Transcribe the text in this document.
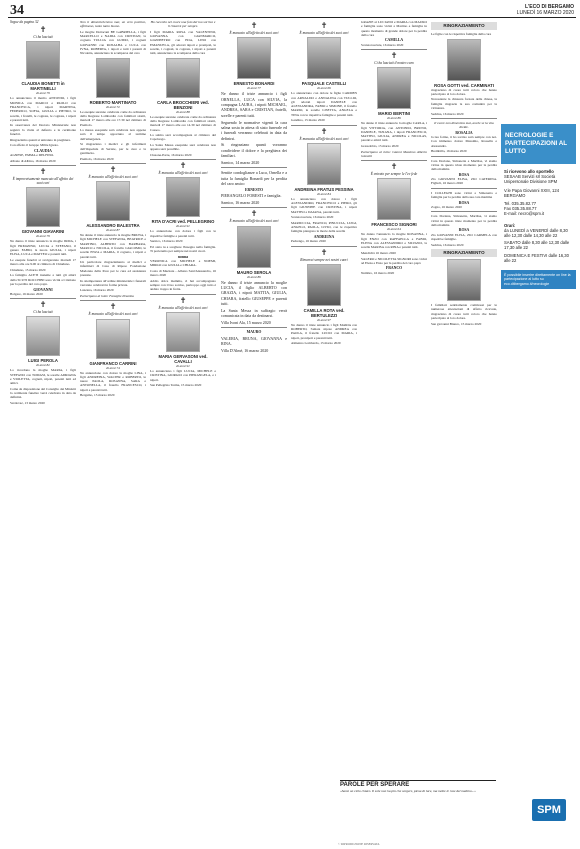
34	L'ECO DI BERGAMO
LUNEDÌ 16 MARZO 2020
Segue da pagina 32
✝
Ci ha lasciati
CLAUDIA BONETTI in MARTINELLI
di anni 79

Lo annunciano il marito ANTONIO, i figli MONICA con MARCO e PAOLO con FRANCESCA, i nipoti MARTINA, FEDERICO, SOFIA, GIULIA e PIETRO, la sorella, i fratelli, le cognate, le cognate, i nipoti e parenti tutti.

In osservanza del Decreto Ministeriale non seguirà la visita al defunto e le cerimonie funebri.

Ringraziamo quanti si uniranno in preghiera.

Con affetto il Gruppo Milite Ignoto.

CLAUDIA

AGNESE, EMMA e DELFINO.

Albano di Albino, 16 marzo 2020

✝
È improvvisamente mancato all'affetto dei suoi cari
GIOVANNI GIAVARINI
di anni 79

Ne danno il triste annuncio la moglie IRMA, i figli ERMANNO, LUCIA e STEFANO, il genero FABIO, la nuora GIULIA, i nipoti ELISA, LUCA e MATTEO e parenti tutti.

Le esequie funebri si svolgeranno martedì 17 marzo alle ore 9.00 al cimitero di Chiuduno.

Chiuduno, 15 marzo 2020

La famiglia ACETI insieme a tutti gli amici della SCUTI ROCCHINI sono vicini a Cristiano per la perdita del caro papà.

GIOVANNI

Bolgare, 16 marzo 2020

✝
Ci ha lasciati
LUIGI PEROLA
di anni 82

Lo ricordano la moglie MARIA, i figli STEFANO con TOMASI, le sorelle ADRIANA e VIOLETTA, cognati, nipoti, parenti tutti ed amici.

Come da disposizione del Consiglio dei Ministri la cerimonia funebre verrà celebrata in data da definirsi.

Verdovaz, 13 marzo 2020

Non ti dimenticheremo mai, un vero positivo, affettuoso, tanto tanto buono.

Le moglie Dottacani BE GABRIELLA, i figli MARCELLO e NADIA con CRISTIAN, la cognata TULLIA con GUIDO, i cognati GIOVANNI con ROSALBA e LUCA con IVNA, ROBERTA, i nipoti e tutti i parenti di Nicoletta, annunciano la scomparsa del caro

ROBERTO MARTINATO
di anni 72

Le esequie saranno celebrate come da ordinanza della Regione Lombardia con familiari stretti, martedì 17 marzo alle ore 17.30 nel cimitero di Premolo.

La messa esequiale sarà celebrata non appena sarà il tempo opportuno al termine dell'emergenza.

Si ringraziano i medici e gli infermieri dell'Ospedale di Seriate, per le cure e la gentilezza.

Premolo, 16 marzo 2020

✝
È mancato all'affetto dei suoi cari
ALESSANDRO BALESTRA
di anni 87

Ne danno il triste annuncio la moglie BRUNA, i figli MICHELE con STEFANIA, BEATRICE e MARTINO, ALBERTO con BARBARA, MARCO e NICOLA, il fratello GIACOMO, le sorelle ENZA e MARIA, il cognato, i nipoti e parenti tutti.

Un particolare ringraziamento ai medici e infermieri di Casa di Riposo Fondazione Madonna della Pace per le cure ed assistenza prestate.

In ottemperanza all'ordine ministeriale i funerali verranno celebrati in forma privata.

Luzzana, 16 marzo 2020

Partecipano al lutto: Famiglie Pezzotta

✝
È mancato all'affetto dei suoi cari
GIANFRANCO CARRINI
di anni 74

Ne annunciano con dolore la moglie LINA, i figli ANDREINA, WALTER e ROBERTO, le nuore PAOLA, ROSANNA, SARA e ANTONELLA, il fratello FRANCESCO, i nipoti e parenti tutti.

Bergamo, 15 marzo 2020

Ho raccolto nel cuore una foto del tuo sorriso e lì rimarrà per sempre.

I figli MARIA ROSA con VALENTINO, GIOVANNA con GIANMARCO, GIANPIETRO con EDA, LINO con EMANUELA, gli adorati nipoti e pronipoti, le sorelle, i cognati, la cognata, i nipoti e parenti tutti, annunciano la scomparsa della cara

CARLA BROCCHIERI ved. BENZONI
di anni 88

Le esequie saranno celebrate come da ordinanza della Regione Lombardia con familiari stretti, martedì 17 marzo alle ore 14.30 nel cimitero di Casseo.

La salma sarà accompagnata al cimitero del Capoluogo.

La Santa Messa esequiale sarà celebrata non appena sarà possibile.

Clusone-Parre, 16 marzo 2020

✝
È mancata all'affetto dei suoi cari
RITA D'ACRI ved. PELLEGRINO
di anni 91

Lo annunciano con dolore i figli con le rispettive famiglie e parenti tutti.

Sarnico, 16 marzo 2020

Eri stata tu a scegliere l'insegna nella famiglia. Ti porteremo per sempre nei nostri cuori.

nonna

VERONICA con MICHELE e NOEMI, MIRKO con GIULIA e CHIARA.

Costa di Mezzate - Albano Sant'Alessandro, 16 marzo 2020

Addio dolce mamma, ci hai accompagnato sempre con il tuo sorriso, purtroppo oggi tutto è andato troppo in fretta.

✝
È mancata all'affetto dei suoi cari
MARIA GERVASONI ved. CAVALLI
di anni 91

Lo annunciano i figli LUCIA, MICHELE e CRISTINA, GIORGIO con PIERANGELA, e i nipoti.

San Pellegrino Terme, 15 marzo 2020

✝
È mancato all'affetto dei suoi cari
ERNESTO BONARDI
di anni 77

Ne danno il triste annuncio i figli ORNELLA, LUCA con SILVIA, la compagna LAURA, i nipoti MICHAEL, ANDREA, SARA e CRISTIAN, fratelli, sorelle e parenti tutti.

Seguendo le normative vigenti la cara salma sosta in attesa di stato funerale ed i funerali verranno celebrati in data da definirsi.

Si ringraziano quanti vorranno condividere il dolore e la preghiera dei familiari.

Sarnico, 14 marzo 2020

Sentite condoglianze a Luca, Ornella e a tutta la famiglia Bonardi per la perdita del caro amico

ERNESTO

PIERANGELO FORESTI e famiglia.

Sarnico, 16 marzo 2020

✝
È mancato all'affetto dei suoi cari
MAURO SEROLA
di anni 86

Ne danno il triste annuncio la moglie LUCIA, il figlio ALBERTO con GRAZIA, i nipoti MATTIA, GIULIA, CHIARA, fratello GIUSEPPE e parenti tutti.

La Santa Messa in suffragio verrà comunicata in data da destinarsi.

Villa Ivoni Ala, 15 marzo 2020

MAURO

VALERIA, BRUNA, GIOVANNA e RINA.

Villa D'Almè, 16 marzo 2020

✝
È mancato all'affetto dei suoi cari
PASQUALE CASTELLI
di anni 66

Lo annunciano con dolore le figlie CARMEN con ARNALDO e ANNALINA con TULLIO, gli adorati nipoti DANIELE con ALESSANDRA, FABIO e SIMONE, il fratello MARIO, le sorelle LISETTA, ANGELA e TINA con le rispettive famiglie e parenti tutti.

Gandino, 15 marzo 2020

✝
È mancata all'affetto dei suoi cari
ANDREINA FRATUS PESSINA
di anni 84

Lo annunciano con dolore i figli ALESSANDRO, FRANCESCO e PIERO, gli figli GIUSEPPE con CRISTINA, i nipoti MATTEO e DAIANA, parenti tutti.

Scanzorosciate, 16 marzo 2020

MARIUCCIA, FRANCO, PINUCCIA, LUIGI, ANGELO, PAOLA, LIVIO, con le rispettive famiglie piangono la morte della sorella

ANDREINA

Pedrengo, 16 marzo 2020

✝
Rimarrai sempre nei nostri cuori
CAMILLA ROTA ved. BERTULEZZI
di anni 97

Ne danno il triste annuncio i figli MARIA con ROBERTO, l'amata nipote ANDREA con PAOLA, il fratello LUCIO con MARIA, i nipoti, pronipoti e parenti tutti.

Almenno Lombardo, 15 marzo 2020

GRAZIE ai LUCIANO e MARIA con MAURO e famiglia sono vicini a Martino e famiglia in questo momento di grande dolore per la perdita della cara

CAMILLA

Scanzorosciate, 16 marzo 2020

✝
Ci ha lasciati il nostro caro
MARIO BERTINI
di anni 86

Ne danno il triste annuncio la moglie CARLA, i figli VITTORIA, con ANTONIO, BRUNO, DANIELE, TIZIANA, i nipoti FRANCESCO, MATTEO, GIULIA, ANDREA e NICOLAS, parenti e amici tutti.

Grassobbio, 15 marzo 2020

Partecipano al lutto: Gianni Massimo Alberto Gianetti

✝
È entrato per sempre le l'ee fede
FRANCESCO SIGNORI
di anni 64

Ne danno l'annuncio la moglie ROSANNA, i figli ENZO con RAFFAELLA e FABIO, ELENA con ALESSANDRO e SILVANO, la sorella MARISA con RINA e parenti tutti.

Mendicità 16 marzo 2020

VALERO e NICOLETTA SIGNORI sono vicini ad Elena e Enzo per la perdita del caro papà

FRANCO

Nembro, 16 marzo 2020

PAROLE PER SPERARE

«Sarai un cielo chiaro. Il sole non ha più che sorgere, piena di luce, ma molte le rose del mattino...»

RINGRAZIAMENTO

Le figlie con le rispettive famiglie della cara

ROSA GOTTI ved. CARMINATI

ringraziano di cuore tutti coloro che hanno partecipato al loro dolore.

Nonostante la chiusura forzata delle chiese, la famiglia ringrazia la sua comunità per la vicinanza.

Sedrina, 16 marzo 2020

Il cuore non dimentica mai, anche se la vita divide.

ROSALIA

la tua fotina, ti ho sorriso sarà sempre con noi. Con immenso dolore Massimo, Rossella e Alessandro.

Brembilla, 16 marzo 2020

Cara Doriana, Simonetta e Marilisa, vi siamo vicine in questo triste momento per la perdita della mamma

ROSA

Zia GIOVANNI ELISA, ZIO CATERINA. Figlioli, 16 marzo 2020

I COLLEGHI sono vicini a Simonetta e famiglia per la perdita della sua cara mamma

ROSA

Zogno, 16 marzo 2020

Cara Doriana, Simonetta, Marilisa, vi siamo vicini in questo triste momento per la perdita della mamma

ROSA

Zia GIOVANNI ELISA, ZIO CARMELA con rispettive famiglie.

Sedrina, 16 marzo 2020

RINGRAZIAMENTO

I familiari sentitamente commossi per le numerose attestazioni di affetto ricevute, ringraziano di cuore tutti coloro che hanno partecipato al loro dolore.

San giovanni Bianco, 15 marzo 2020

NECROLOGIE E PARTECIPAZIONI AL LUTTO
Si ricevono allo sportello
SESAAB Servizi srl Società Unipersonale Divisione SPM
V.le Papa Giovanni XXIII, 124 BERGAMO
Tel. 035.35.82.77
Fax 035.35.88.77
E-mail: necro@spm.it
Orari:
da LUNEDÌ a VENERDÌ dalle 8,30 alle 12,30 dalle 14,30 alle 22
SABATO dalle 8,30 alle 12,30 dalle 17,30 alle 22
DOMENICA E FESTIVI dalle 16,30 alle 22
È possibile inserire direttamente on line la partecipazione al lutto su eco.ditbergamo.it/necrologie
SPM
© RIPRODUZIONE RISERVATA
